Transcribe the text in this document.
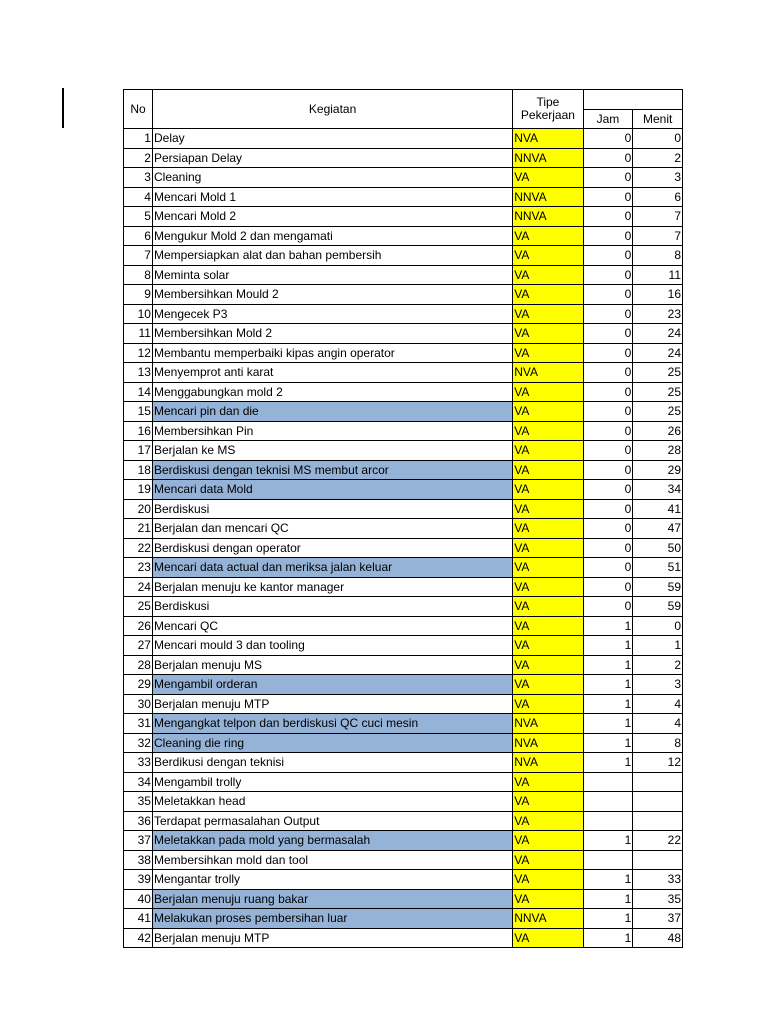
No	Kegiatan	Tipe Pekerjaan		
			Jam	Menit
1	Delay	NVA	0	0
2	Persiapan Delay	NNVA	0	2
3	Cleaning	VA	0	3
4	Mencari Mold 1	NNVA	0	6
5	Mencari Mold 2	NNVA	0	7
6	Mengukur Mold 2 dan mengamati	VA	0	7
7	Mempersiapkan alat dan bahan pembersih	VA	0	8
8	Meminta solar	VA	0	11
9	Membersihkan Mould 2	VA	0	16
10	Mengecek P3	VA	0	23
11	Membersihkan Mold 2	VA	0	24
12	Membantu memperbaiki kipas angin operator	VA	0	24
13	Menyemprot anti karat	NVA	0	25
14	Menggabungkan mold 2	VA	0	25
15	Mencari pin dan die	VA	0	25
16	Membersihkan Pin	VA	0	26
17	Berjalan ke MS	VA	0	28
18	Berdiskusi dengan teknisi MS membut arcor	VA	0	29
19	Mencari data Mold	VA	0	34
20	Berdiskusi	VA	0	41
21	Berjalan dan mencari QC	VA	0	47
22	Berdiskusi dengan operator	VA	0	50
23	Mencari data actual dan meriksa jalan keluar	VA	0	51
24	Berjalan menuju ke kantor manager	VA	0	59
25	Berdiskusi	VA	0	59
26	Mencari QC	VA	1	0
27	Mencari mould 3 dan tooling	VA	1	1
28	Berjalan menuju MS	VA	1	2
29	Mengambil orderan	VA	1	3
30	Berjalan menuju MTP	VA	1	4
31	Mengangkat telpon dan berdiskusi QC cuci mesin	NVA	1	4
32	Cleaning die ring	NVA	1	8
33	Berdikusi dengan teknisi	NVA	1	12
34	Mengambil trolly	VA		
35	Meletakkan head	VA		
36	Terdapat permasalahan Output	VA		
37	Meletakkan pada mold yang bermasalah	VA	1	22
38	Membersihkan mold dan tool	VA		
39	Mengantar trolly	VA	1	33
40	Berjalan menuju ruang bakar	VA	1	35
41	Melakukan proses pembersihan luar	NNVA	1	37
42	Berjalan menuju MTP	VA	1	48
